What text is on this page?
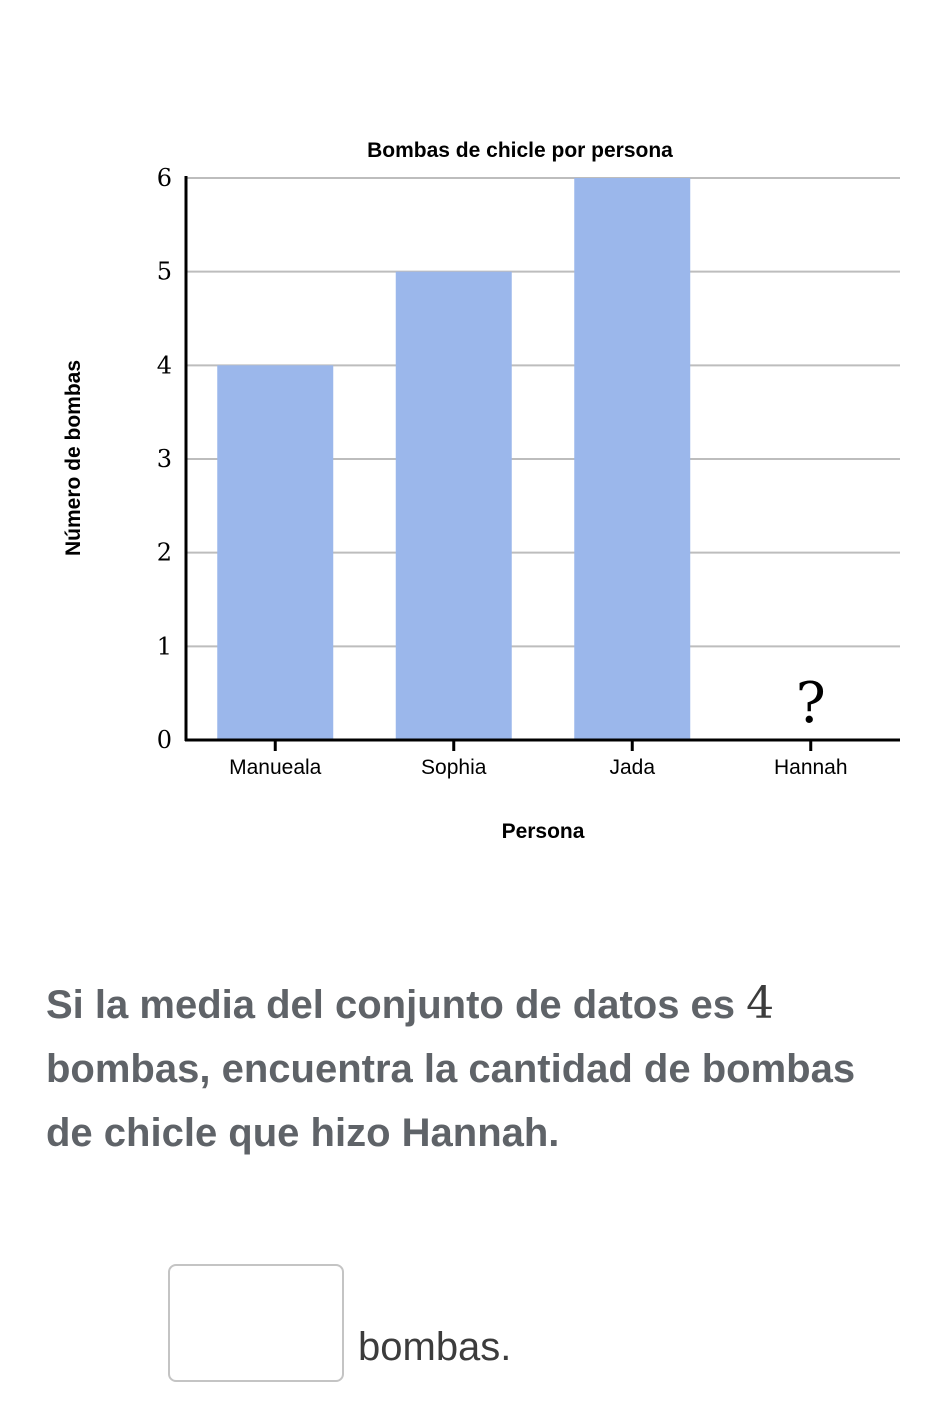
0
1
2
3
4
5
6
Manueala	Sophia	Jada
?
Hannah
Bombas de chicle por persona
Persona
Número de bombas

Si la media del conjunto de datos es 4 bombas, encuentra la cantidad de bombas de chicle que hizo Hannah.

bombas.
